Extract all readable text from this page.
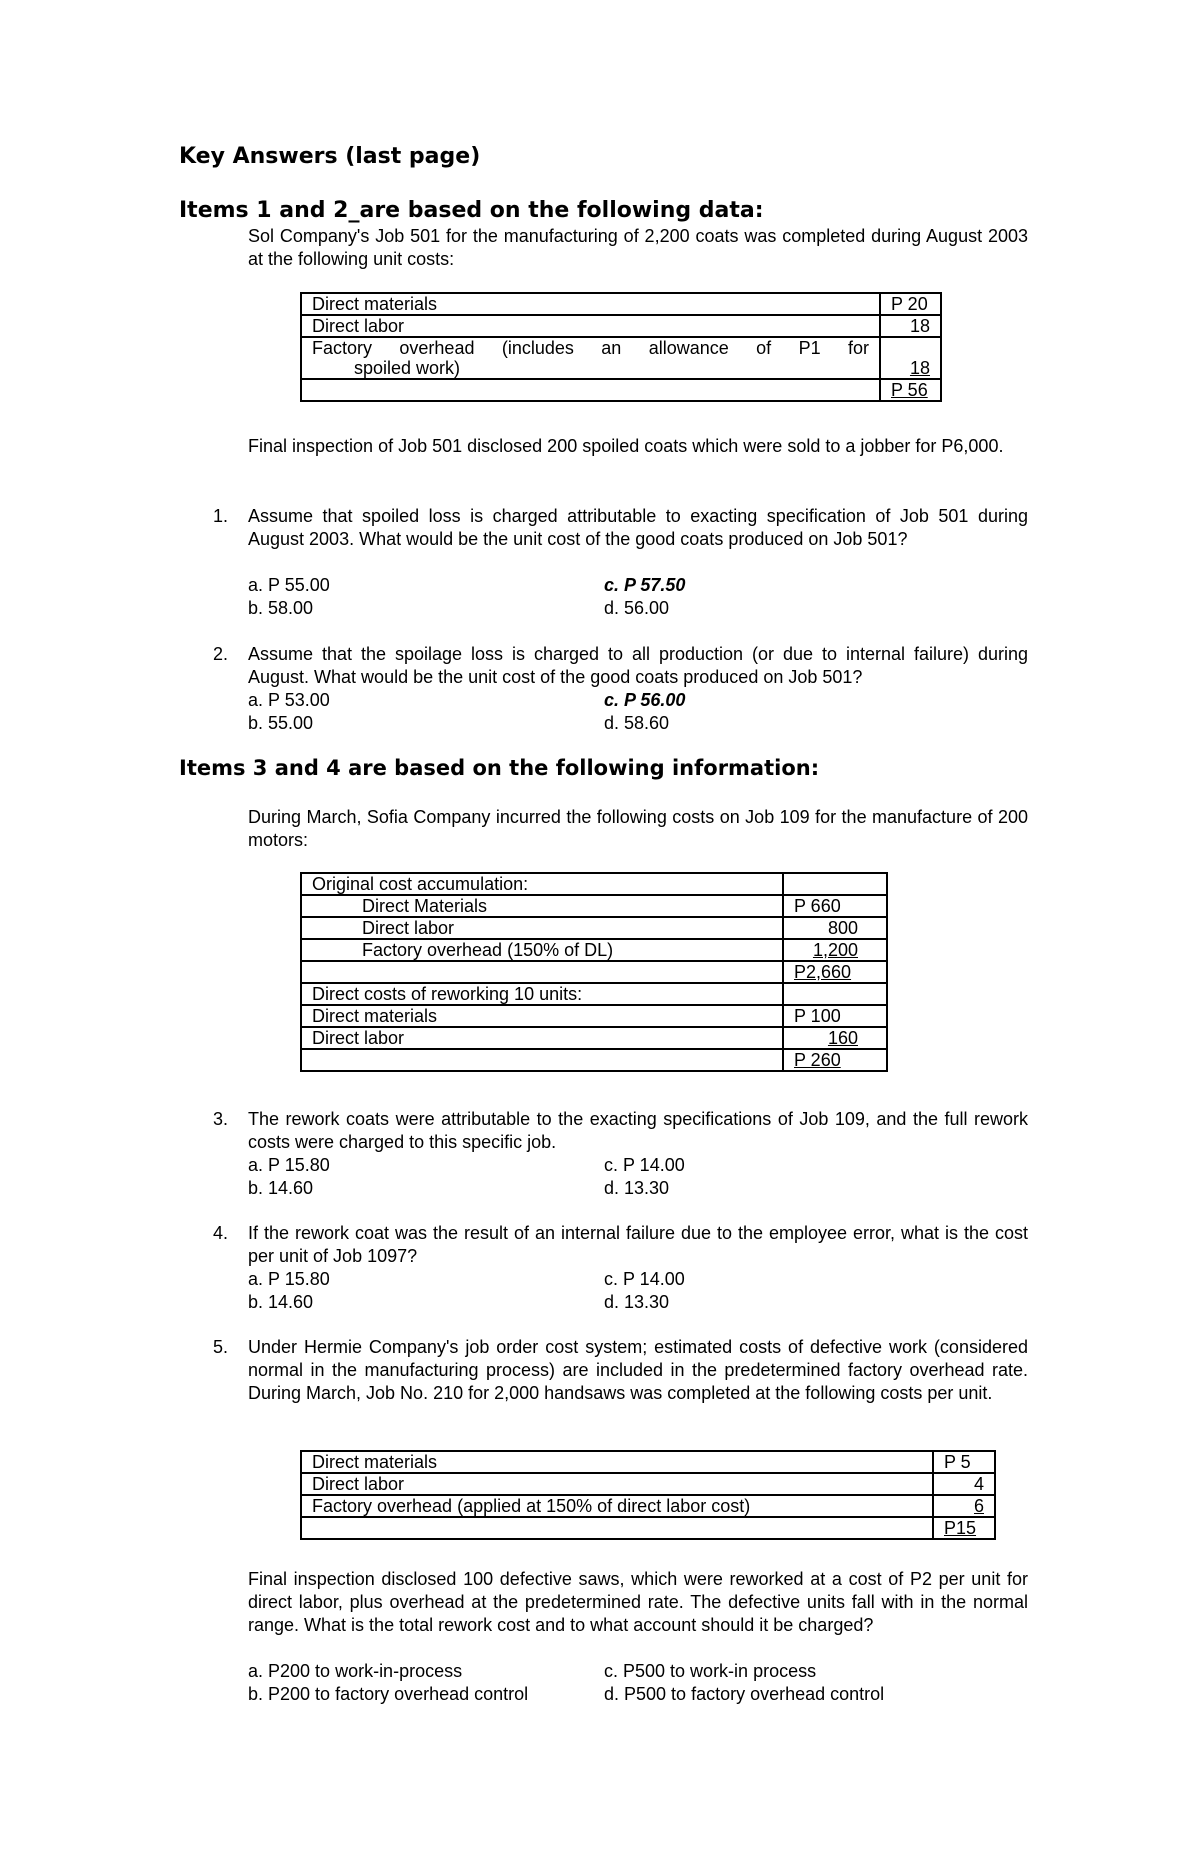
Key Answers (last page)
Items 1 and 2_are based on the following data:

Sol Company's Job 501 for the manufacturing of 2,200 coats was completed during August 2003 at the following unit costs:

Direct materials	P 20
Direct labor	18
Factory overhead (includes an allowance of P1 for
spoiled work)	18
	P 56

Final inspection of Job 501 disclosed 200 spoiled coats which were sold to a jobber for P6,000.

1. Assume that spoiled loss is charged attributable to exacting specification of Job 501 during August 2003. What would be the unit cost of the good coats produced on Job 501?

a. P 55.00	c. P 57.50
b. 58.00	d. 56.00
2. Assume that the spoilage loss is charged to all production (or due to internal failure) during August. What would be the unit cost of the good coats produced on Job 501?

a. P 53.00	c. P 56.00
b. 55.00	d. 58.60
Items 3 and 4 are based on the following information:

During March, Sofia Company incurred the following costs on Job 109 for the manufacture of 200 motors:

Original cost accumulation:	
Direct Materials	P 660
Direct labor	800
Factory overhead (150% of DL)	1,200
	P2,660
Direct costs of reworking 10 units:	
Direct materials	P 100
Direct labor	160
	P 260
3. The rework coats were attributable to the exacting specifications of Job 109, and the full rework costs were charged to this specific job.

a. P 15.80	c. P 14.00
b. 14.60	d. 13.30
4. If the rework coat was the result of an internal failure due to the employee error, what is the cost per unit of Job 1097?

a. P 15.80	c. P 14.00
b. 14.60	d. 13.30
5. Under Hermie Company's job order cost system; estimated costs of defective work (considered normal in the manufacturing process) are included in the predetermined factory overhead rate. During March, Job No. 210 for 2,000 handsaws was completed at the following costs per unit.

Direct materials	P 5
Direct labor	4
Factory overhead (applied at 150% of direct labor cost)	6
	P15

Final inspection disclosed 100 defective saws, which were reworked at a cost of P2 per unit for direct labor, plus overhead at the predetermined rate. The defective units fall with in the normal range. What is the total rework cost and to what account should it be charged?

a. P200 to work-in-process	c. P500 to work-in process
b. P200 to factory overhead control	d. P500 to factory overhead control
